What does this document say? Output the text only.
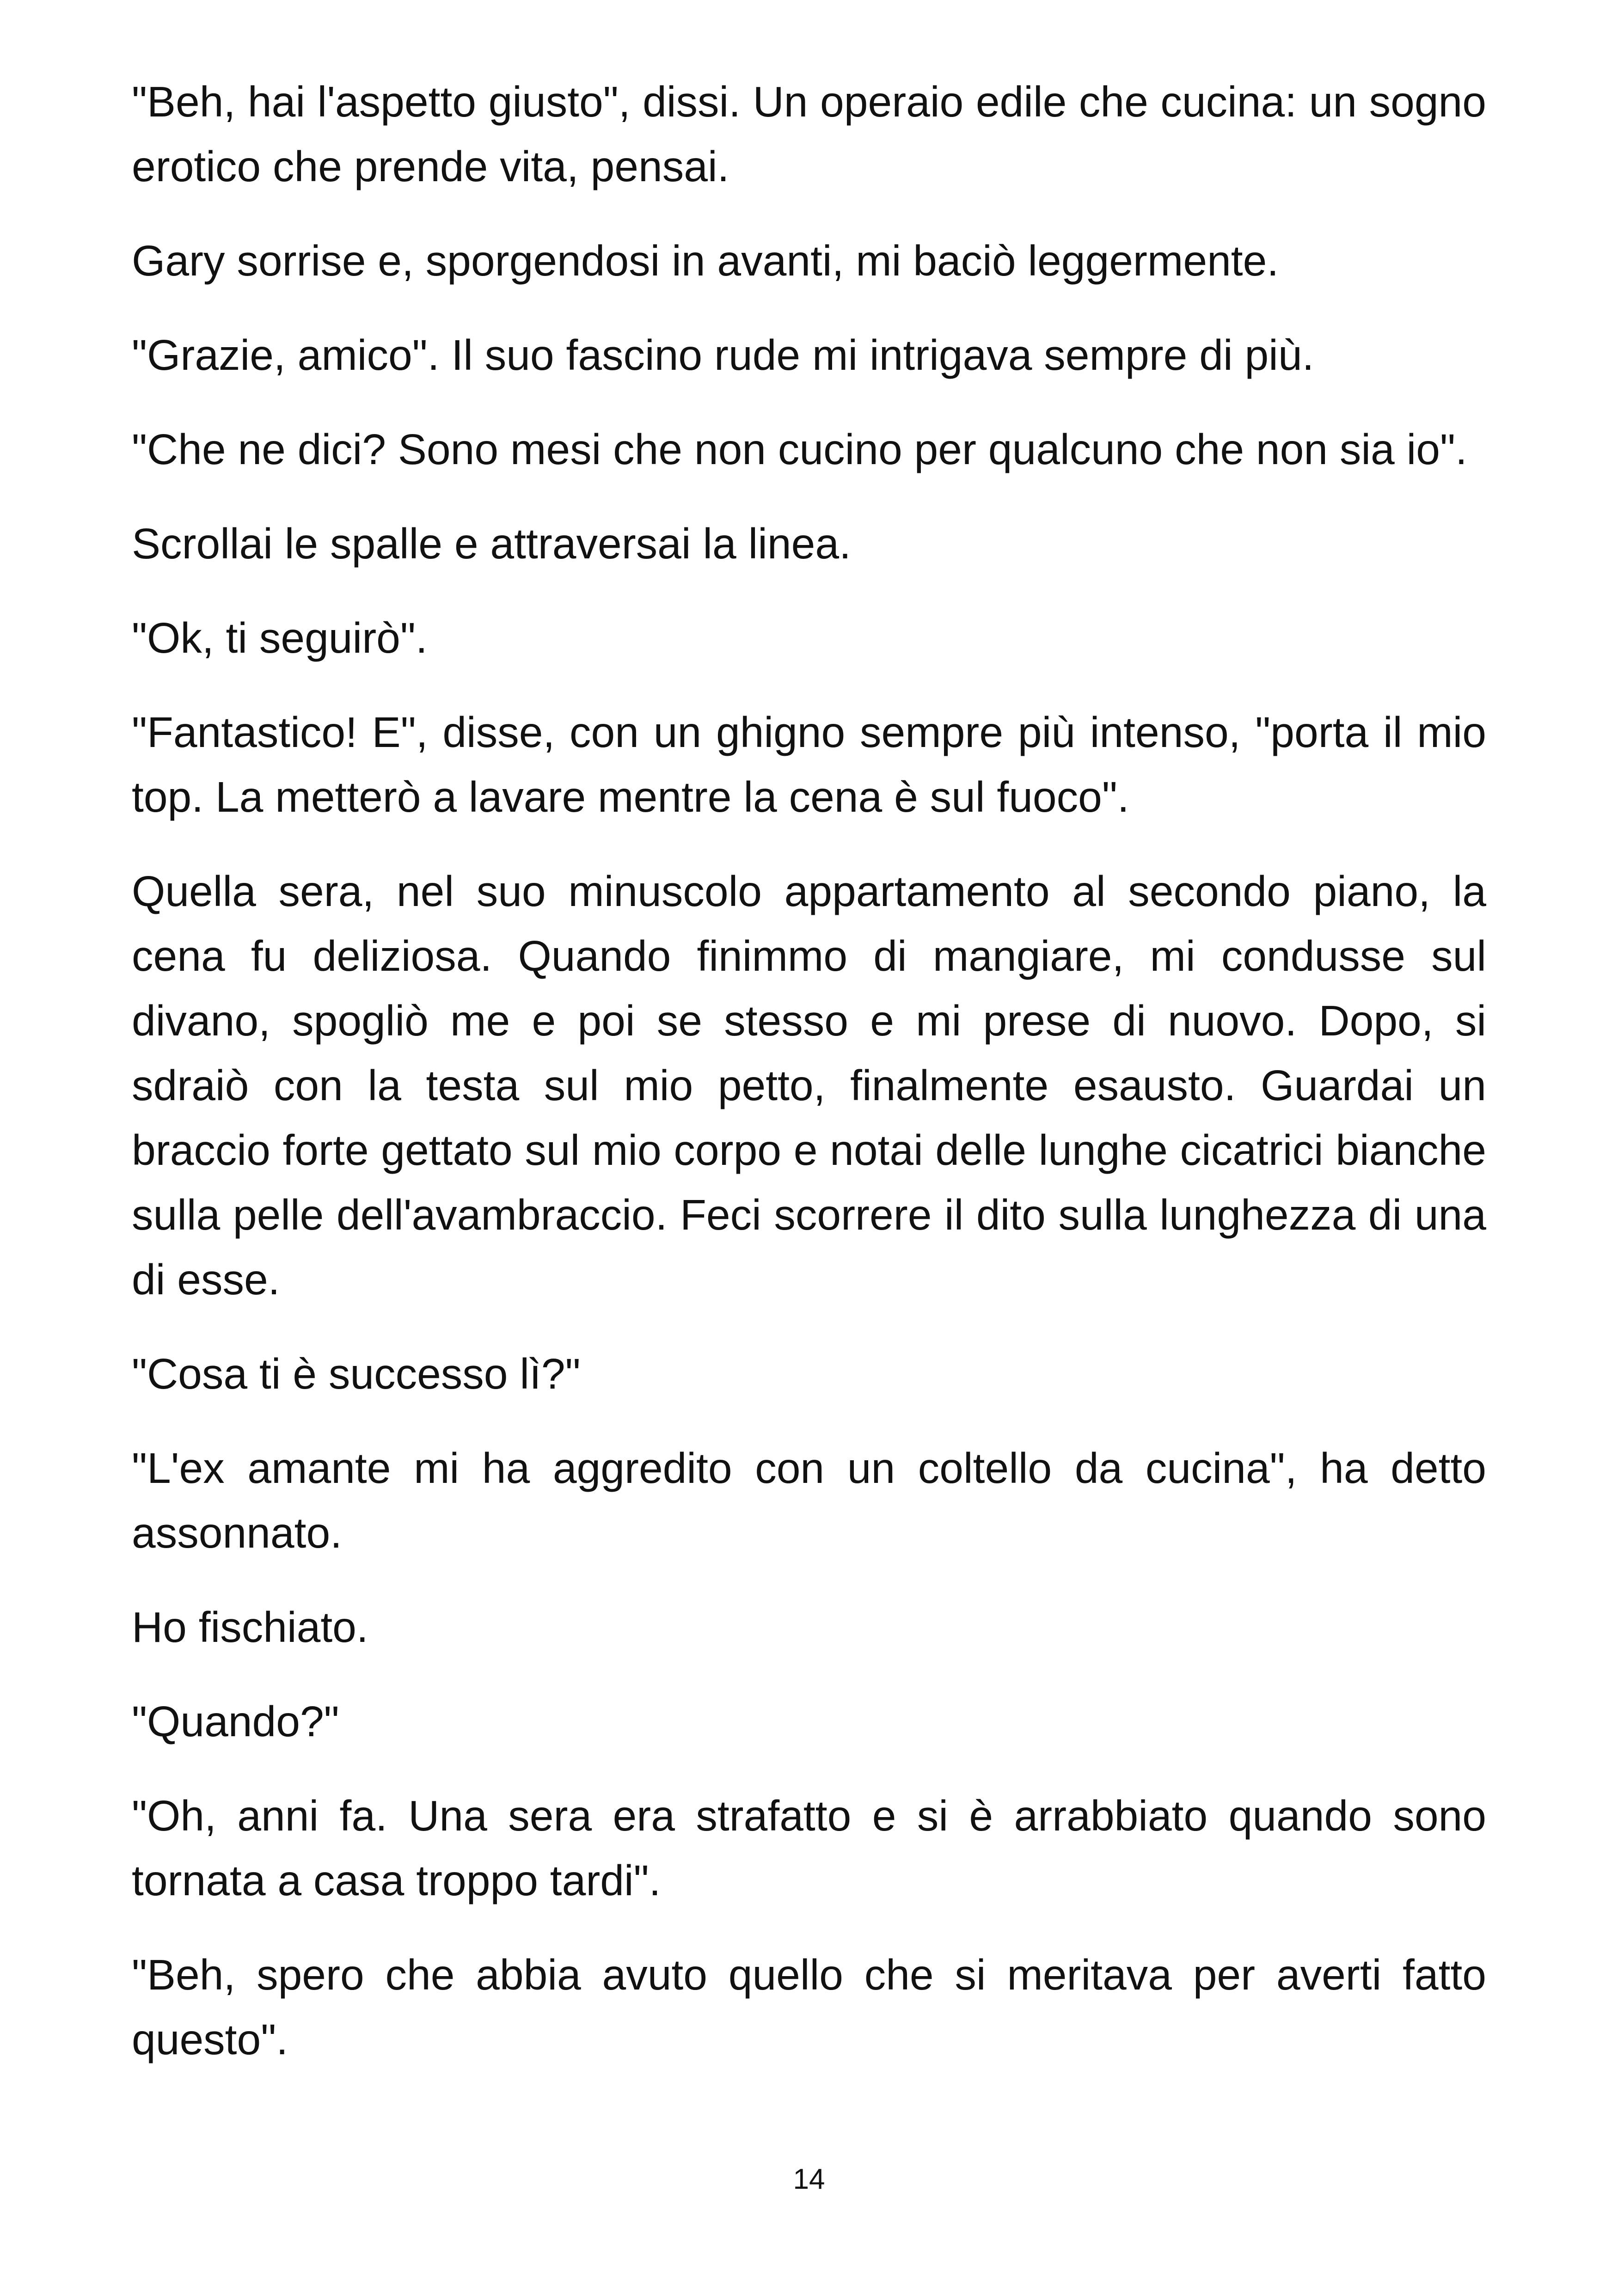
"Beh, hai l'aspetto giusto", dissi. Un operaio edile che cucina: un sogno erotico che prende vita, pensai.

Gary sorrise e, sporgendosi in avanti, mi baciò leggermente.

"Grazie, amico". Il suo fascino rude mi intrigava sempre di più.

"Che ne dici? Sono mesi che non cucino per qualcuno che non sia io".

Scrollai le spalle e attraversai la linea.

"Ok, ti seguirò".

"Fantastico! E", disse, con un ghigno sempre più intenso, "porta il mio top. La metterò a lavare mentre la cena è sul fuoco".

Quella sera, nel suo minuscolo appartamento al secondo piano, la cena fu deliziosa. Quando finimmo di mangiare, mi condusse sul divano, spogliò me e poi se stesso e mi prese di nuovo. Dopo, si sdraiò con la testa sul mio petto, finalmente esausto. Guardai un braccio forte gettato sul mio corpo e notai delle lunghe cicatrici bianche sulla pelle dell'avambraccio. Feci scorrere il dito sulla lunghezza di una di esse.

"Cosa ti è successo lì?"

"L'ex amante mi ha aggredito con un coltello da cucina", ha detto assonnato.

Ho fischiato.

"Quando?"

"Oh, anni fa. Una sera era strafatto e si è arrabbiato quando sono tornata a casa troppo tardi".

"Beh, spero che abbia avuto quello che si meritava per averti fatto questo".

14
